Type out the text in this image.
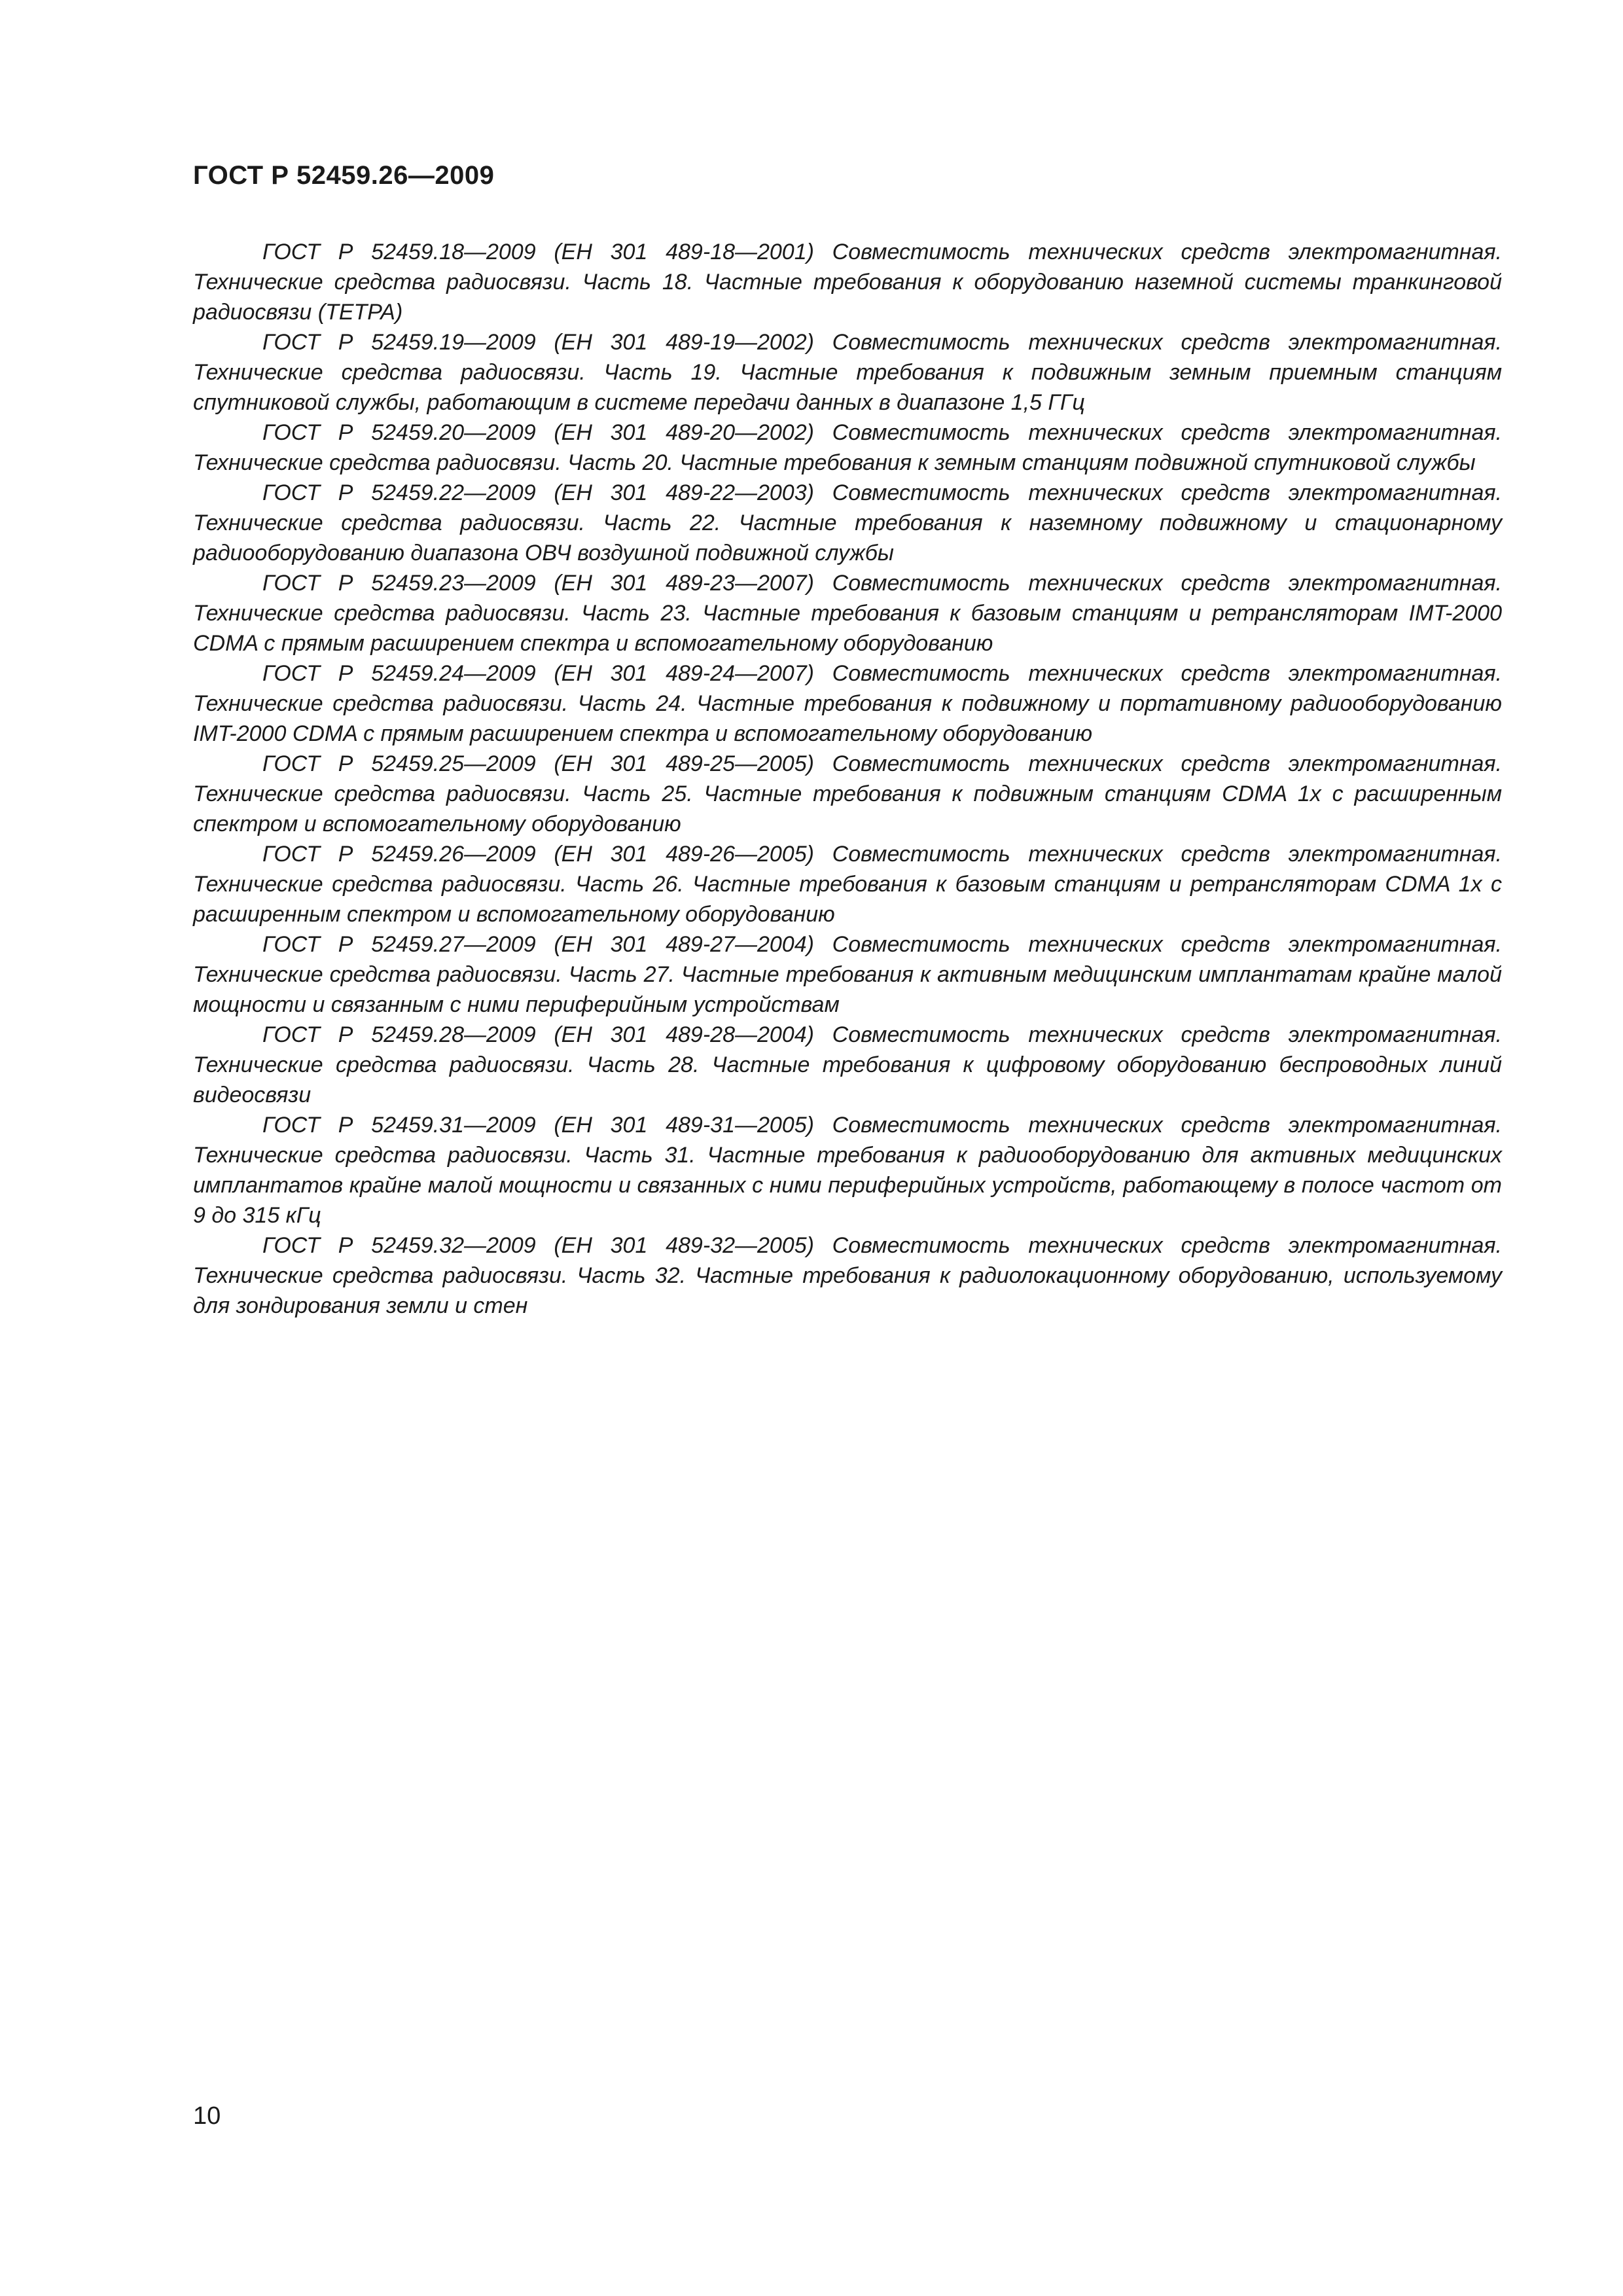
ГОСТ Р 52459.26—2009

ГОСТ Р 52459.18—2009 (ЕН 301 489-18—2001) Совместимость технических средств электромагнитная. Технические средства радиосвязи. Часть 18. Частные требования к оборудованию наземной системы транкинговой радиосвязи (ТЕТРА)

ГОСТ Р 52459.19—2009 (ЕН 301 489-19—2002) Совместимость технических средств электромагнитная. Технические средства радиосвязи. Часть 19. Частные требования к подвижным земным приемным станциям спутниковой службы, работающим в системе передачи данных в диапазоне 1,5 ГГц

ГОСТ Р 52459.20—2009 (ЕН 301 489-20—2002) Совместимость технических средств электромагнитная. Технические средства радиосвязи. Часть 20. Частные требования к земным станциям подвижной спутниковой службы

ГОСТ Р 52459.22—2009 (ЕН 301 489-22—2003) Совместимость технических средств электромагнитная. Технические средства радиосвязи. Часть 22. Частные требования к наземному подвижному и стационарному радиооборудованию диапазона ОВЧ воздушной подвижной службы

ГОСТ Р 52459.23—2009 (ЕН 301 489-23—2007) Совместимость технических средств электромагнитная. Технические средства радиосвязи. Часть 23. Частные требования к базовым станциям и ретрансляторам IMT-2000 CDMA с прямым расширением спектра и вспомогательному оборудованию

ГОСТ Р 52459.24—2009 (ЕН 301 489-24—2007) Совместимость технических средств электромагнитная. Технические средства радиосвязи. Часть 24. Частные требования к подвижному и портативному радиооборудованию IMT-2000 CDMA с прямым расширением спектра и вспомогательному оборудованию

ГОСТ Р 52459.25—2009 (ЕН 301 489-25—2005) Совместимость технических средств электромагнитная. Технические средства радиосвязи. Часть 25. Частные требования к подвижным станциям CDMA 1x с расширенным спектром и вспомогательному оборудованию

ГОСТ Р 52459.26—2009 (ЕН 301 489-26—2005) Совместимость технических средств электромагнитная. Технические средства радиосвязи. Часть 26. Частные требования к базовым станциям и ретрансляторам CDMA 1x с расширенным спектром и вспомогательному оборудованию

ГОСТ Р 52459.27—2009 (ЕН 301 489-27—2004) Совместимость технических средств электромагнитная. Технические средства радиосвязи. Часть 27. Частные требования к активным медицинским имплантатам крайне малой мощности и связанным с ними периферийным устройствам

ГОСТ Р 52459.28—2009 (ЕН 301 489-28—2004) Совместимость технических средств электромагнитная. Технические средства радиосвязи. Часть 28. Частные требования к цифровому оборудованию беспроводных линий видеосвязи

ГОСТ Р 52459.31—2009 (ЕН 301 489-31—2005) Совместимость технических средств электромагнитная. Технические средства радиосвязи. Часть 31. Частные требования к радиооборудованию для активных медицинских имплантатов крайне малой мощности и связанных с ними периферийных устройств, работающему в полосе частот от 9 до 315 кГц

ГОСТ Р 52459.32—2009 (ЕН 301 489-32—2005) Совместимость технических средств электромагнитная. Технические средства радиосвязи. Часть 32. Частные требования к радиолокационному оборудованию, используемому для зондирования земли и стен

10
